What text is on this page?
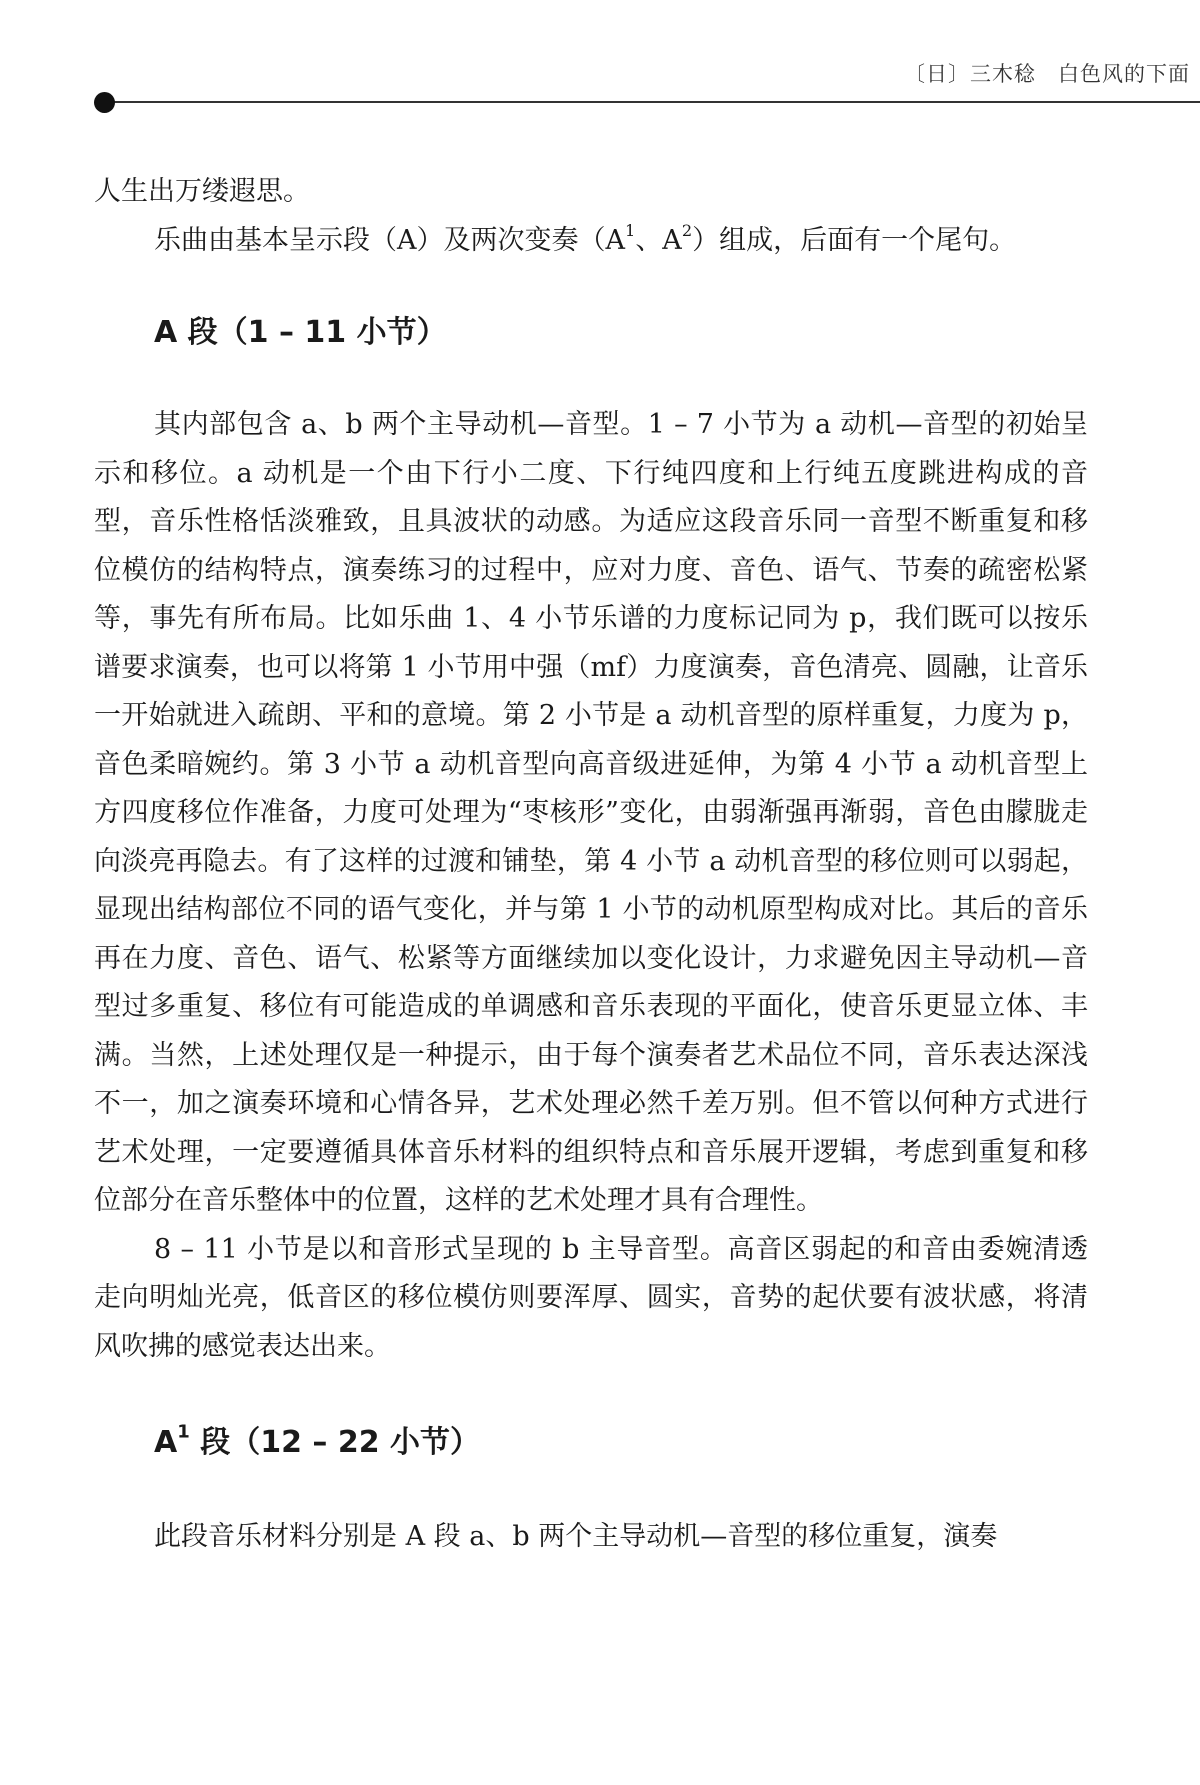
〔日〕三木稔 白色风的下面

人生出万缕遐思。

乐曲由基本呈示段（A）及两次变奏（$A^1$、$A^2$）组成，后面有一个尾句。

A 段（1 – 11 小节）

其内部包含 a、b 两个主导动机—音型。1 – 7 小节为 a 动机—音型的初始呈示和移位。a 动机是一个由下行小二度、下行纯四度和上行纯五度跳进构成的音型，音乐性格恬淡雅致，且具波状的动感。为适应这段音乐同一音型不断重复和移位模仿的结构特点，演奏练习的过程中，应对力度、音色、语气、节奏的疏密松紧等，事先有所布局。比如乐曲 1、4 小节乐谱的力度标记同为 p，我们既可以按乐谱要求演奏，也可以将第 1 小节用中强（mf）力度演奏，音色清亮、圆融，让音乐一开始就进入疏朗、平和的意境。第 2 小节是 a 动机音型的原样重复，力度为 p，音色柔暗婉约。第 3 小节 a 动机音型向高音级进延伸，为第 4 小节 a 动机音型上方四度移位作准备，力度可处理为“枣核形”变化，由弱渐强再渐弱，音色由朦胧走向淡亮再隐去。有了这样的过渡和铺垫，第 4 小节 a 动机音型的移位则可以弱起，显现出结构部位不同的语气变化，并与第 1 小节的动机原型构成对比。其后的音乐再在力度、音色、语气、松紧等方面继续加以变化设计，力求避免因主导动机—音型过多重复、移位有可能造成的单调感和音乐表现的平面化，使音乐更显立体、丰满。当然，上述处理仅是一种提示，由于每个演奏者艺术品位不同，音乐表达深浅不一，加之演奏环境和心情各异，艺术处理必然千差万别。但不管以何种方式进行艺术处理，一定要遵循具体音乐材料的组织特点和音乐展开逻辑，考虑到重复和移位部分在音乐整体中的位置，这样的艺术处理才具有合理性。

8 – 11 小节是以和音形式呈现的 b 主导音型。高音区弱起的和音由委婉清透走向明灿光亮，低音区的移位模仿则要浑厚、圆实，音势的起伏要有波状感，将清风吹拂的感觉表达出来。

$A^1$ 段（12 – 22 小节）

此段音乐材料分别是 A 段 a、b 两个主导动机—音型的移位重复，演奏
